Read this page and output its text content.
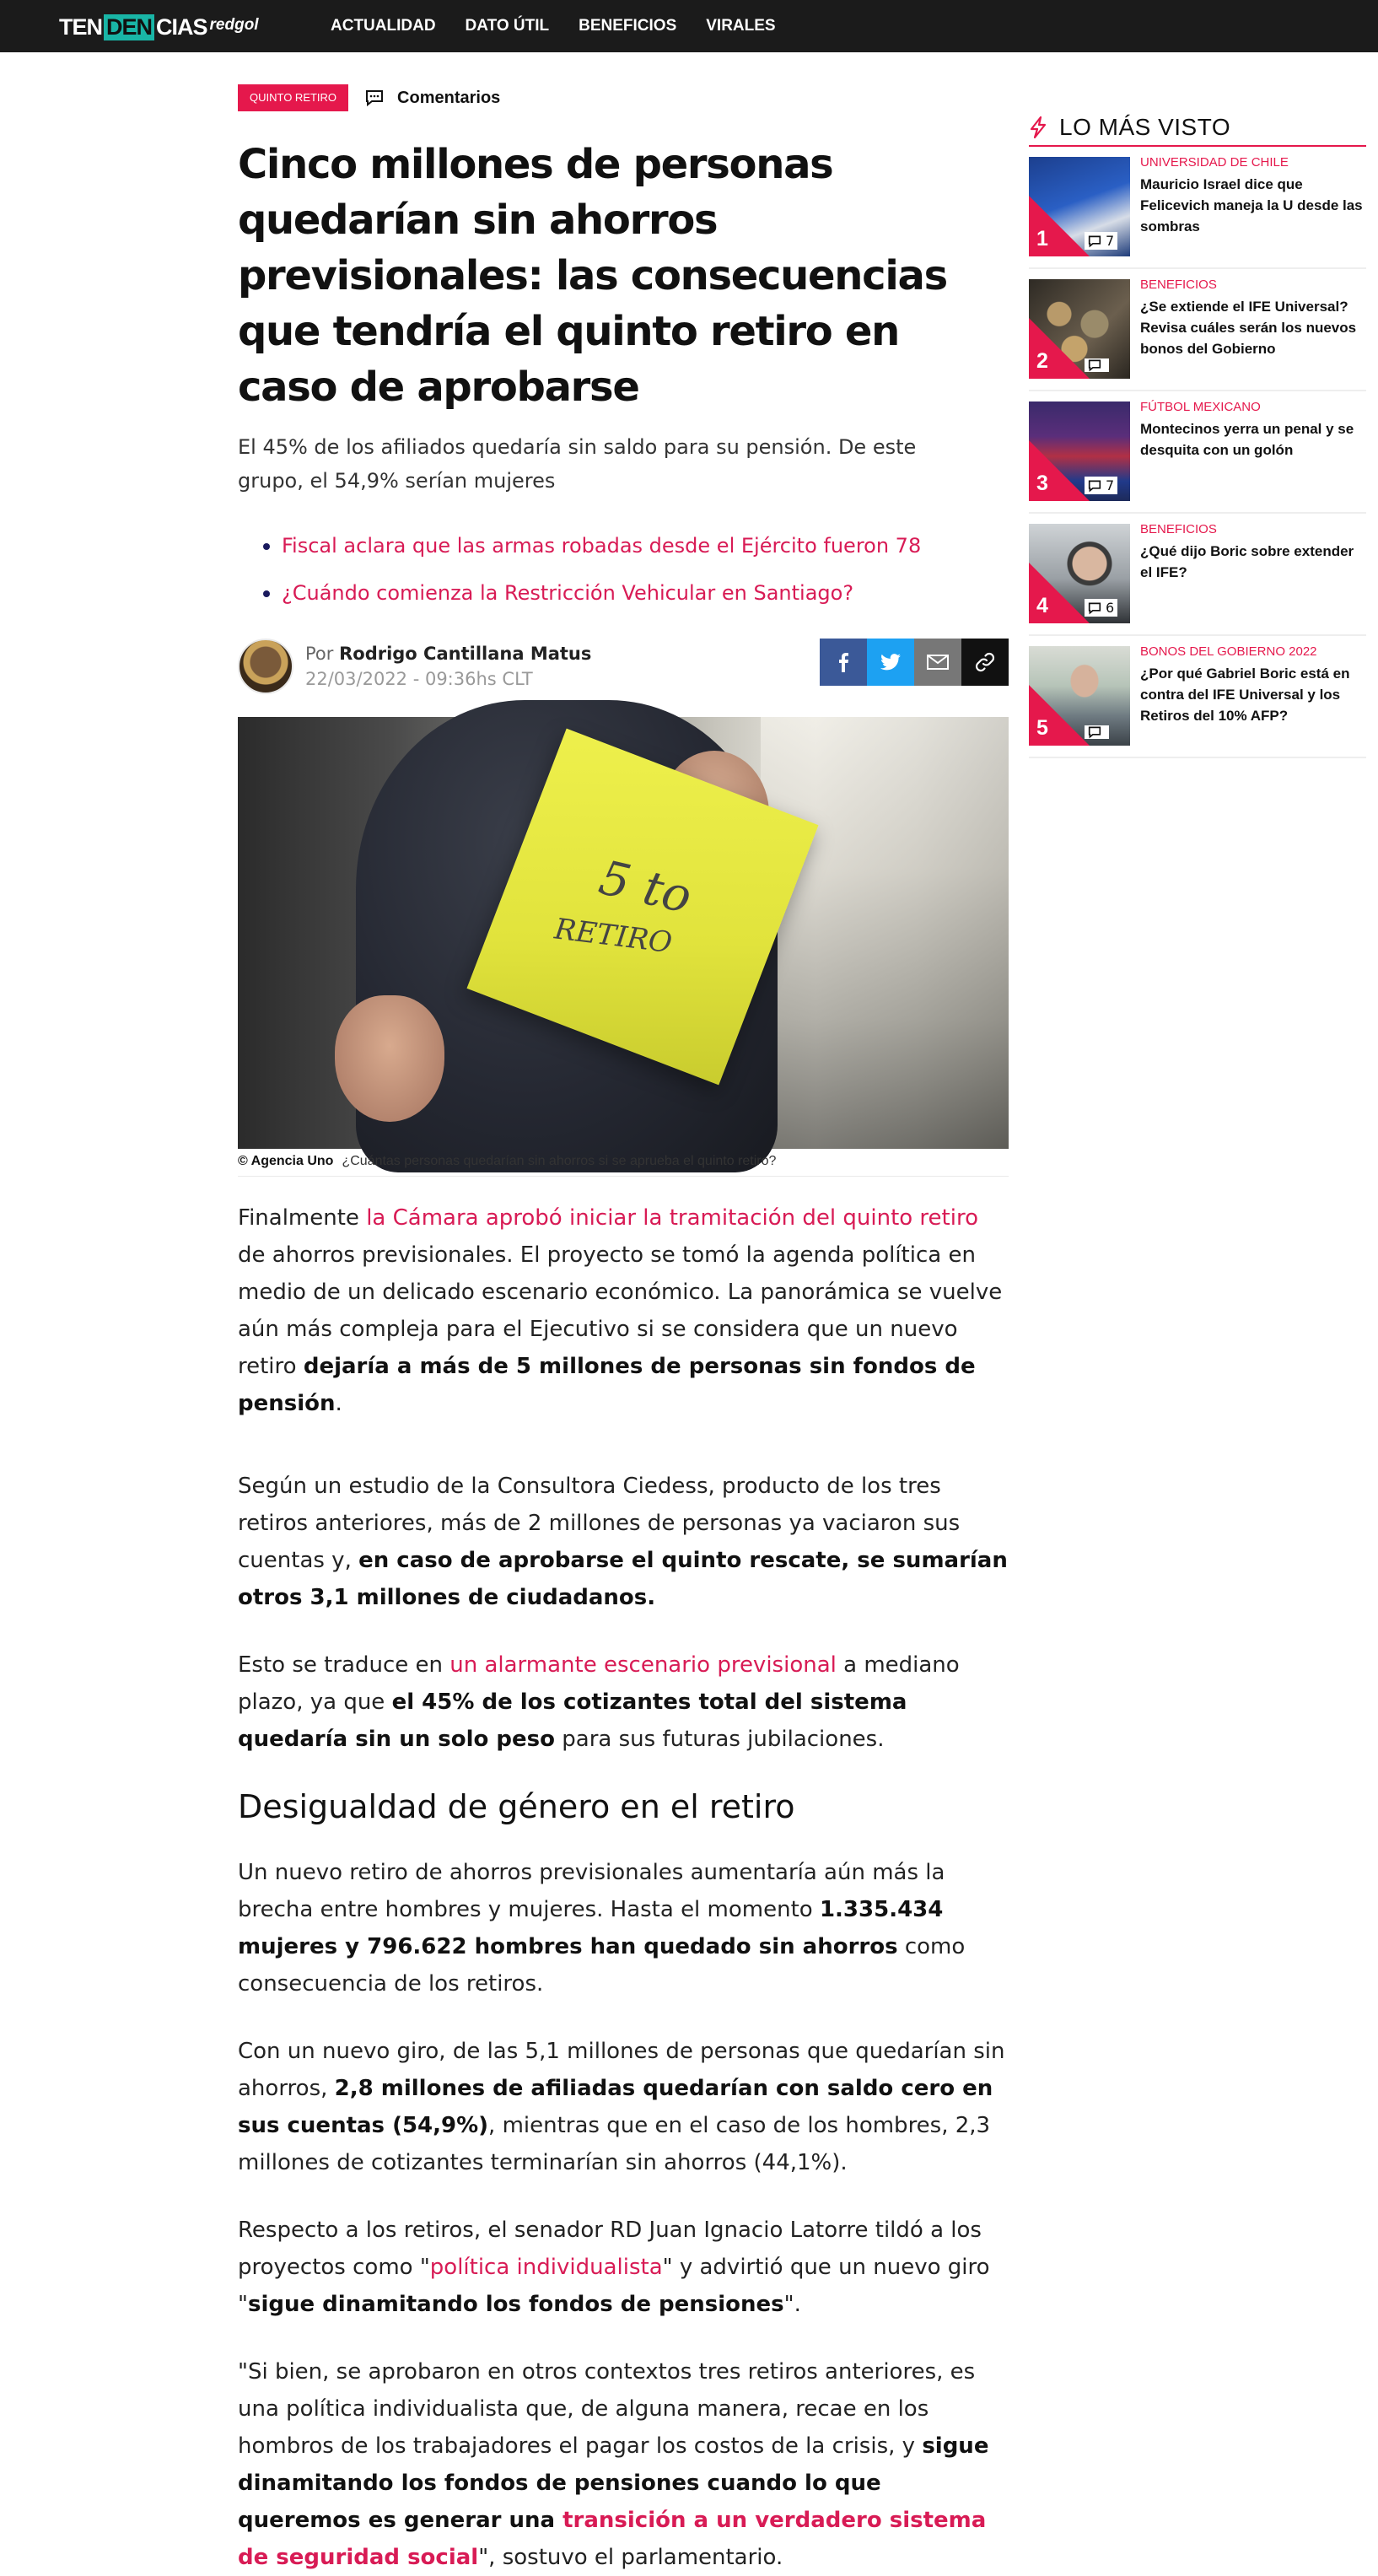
TEN DEN CIAS redgol	ACTUALIDAD DATO ÚTIL BENEFICIOS VIRALES
QUINTO RETIRO	Comentarios
Cinco millones de personas quedarían sin ahorros previsionales: las consecuencias que tendría el quinto retiro en caso de aprobarse

El 45% de los afiliados quedaría sin saldo para su pensión. De este grupo, el 54,9% serían mujeres

Fiscal aclara que las armas robadas desde el Ejército fueron 78
¿Cuándo comienza la Restricción Vehicular en Santiago?
Por Rodrigo Cantillana Matus
22/03/2022 - 09:36hs CLT
5 to
RETIRO
© Agencia Uno ¿Cuántas personas quedarían sin ahorros si se aprueba el quinto retiro?

Finalmente la Cámara aprobó iniciar la tramitación del quinto retiro de ahorros previsionales. El proyecto se tomó la agenda política en medio de un delicado escenario económico. La panorámica se vuelve aún más compleja para el Ejecutivo si se considera que un nuevo retiro dejaría a más de 5 millones de personas sin fondos de pensión.

Según un estudio de la Consultora Ciedess, producto de los tres retiros anteriores, más de 2 millones de personas ya vaciaron sus cuentas y, en caso de aprobarse el quinto rescate, se sumarían otros 3,1 millones de ciudadanos.

Esto se traduce en un alarmante escenario previsional a mediano plazo, ya que el 45% de los cotizantes total del sistema quedaría sin un solo peso para sus futuras jubilaciones.

Desigualdad de género en el retiro

Un nuevo retiro de ahorros previsionales aumentaría aún más la brecha entre hombres y mujeres. Hasta el momento 1.335.434 mujeres y 796.622 hombres han quedado sin ahorros como consecuencia de los retiros.

Con un nuevo giro, de las 5,1 millones de personas que quedarían sin ahorros, 2,8 millones de afiliadas quedarían con saldo cero en sus cuentas (54,9%), mientras que en el caso de los hombres, 2,3 millones de cotizantes terminarían sin ahorros (44,1%).

Respecto a los retiros, el senador RD Juan Ignacio Latorre tildó a los proyectos como "política individualista" y advirtió que un nuevo giro "sigue dinamitando los fondos de pensiones".

"Si bien, se aprobaron en otros contextos tres retiros anteriores, es una política individualista que, de alguna manera, recae en los hombros de los trabajadores el pagar los costos de la crisis, y sigue dinamitando los fondos de pensiones cuando lo que queremos es generar una transición a un verdadero sistema de seguridad social", sostuvo el parlamentario.

LO MÁS VISTO
1	7
UNIVERSIDAD DE CHILE
Mauricio Israel dice que Felicevich maneja la U desde las sombras
2
BENEFICIOS
¿Se extiende el IFE Universal? Revisa cuáles serán los nuevos bonos del Gobierno
3	7
FÚTBOL MEXICANO
Montecinos yerra un penal y se desquita con un golón
4	6
BENEFICIOS
¿Qué dijo Boric sobre extender el IFE?
5
BONOS DEL GOBIERNO 2022
¿Por qué Gabriel Boric está en contra del IFE Universal y los Retiros del 10% AFP?
